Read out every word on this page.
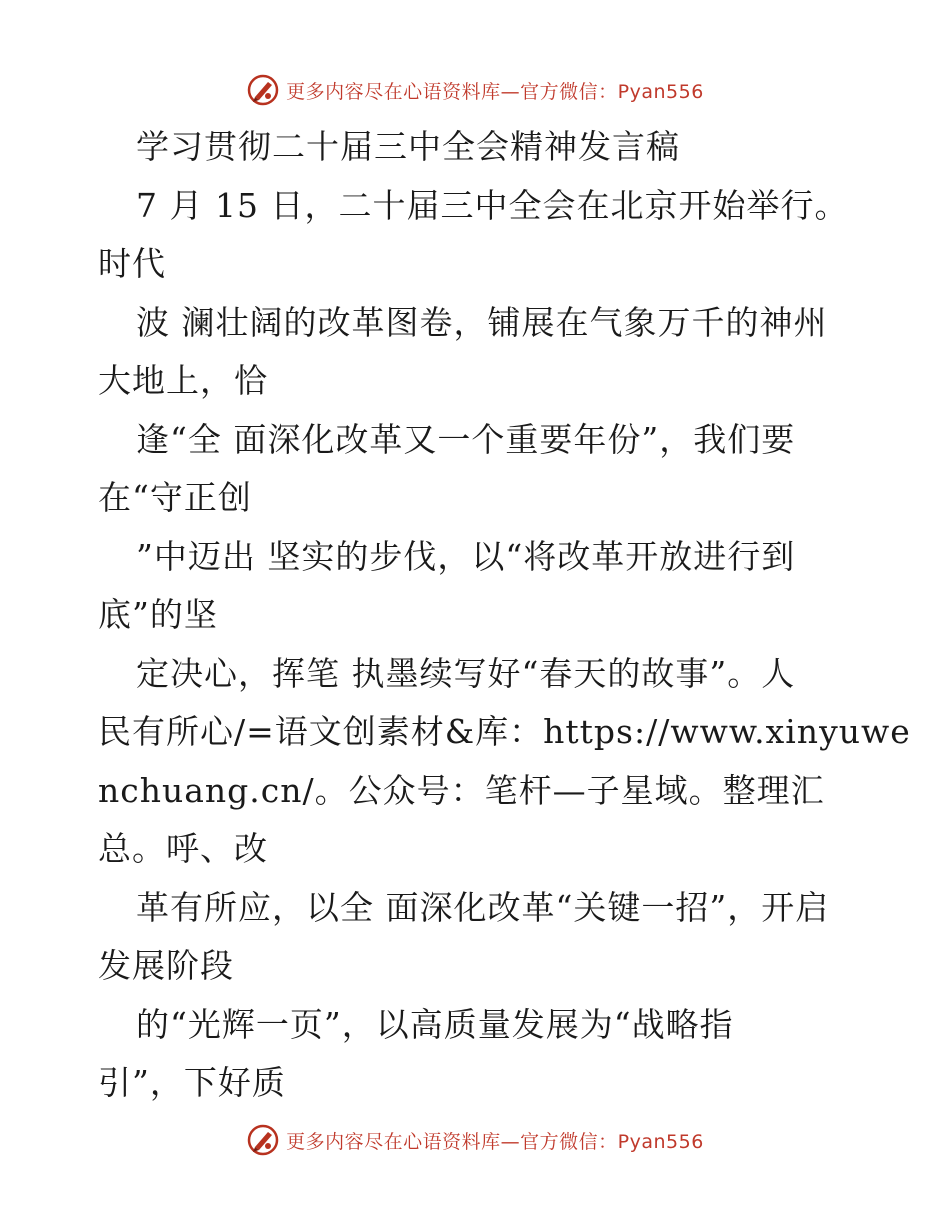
更多内容尽在心语资料库—官方微信：Pyan556
学习贯彻二十届三中全会精神发言稿
7 月 15 日，二十届三中全会在北京开始举行。
时代
波 澜壮阔的改革图卷，铺展在气象万千的神州
大地上，恰
逢“全 面深化改革又一个重要年份”，我们要
在“守正创
”中迈出 坚实的步伐，以“将改革开放进行到
底”的坚
定决心，挥笔 执墨续写好“春天的故事”。人
民有所心/=语文创素材&库：https://www.xinyuwe
nchuang.cn/。公众号：笔杆—子星域。整理汇
总。呼、改
革有所应，以全 面深化改革“关键一招”，开启
发展阶段
的“光辉一页”，以高质量发展为“战略指
引”，下好质
更多内容尽在心语资料库—官方微信：Pyan556
